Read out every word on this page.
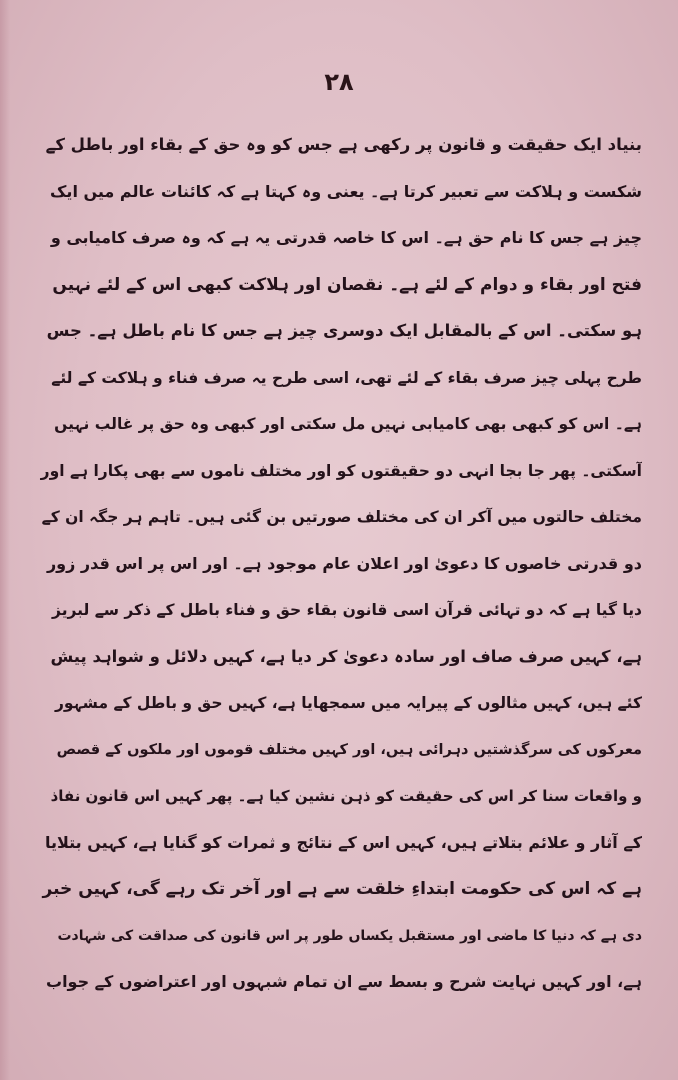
۲۸
بنیاد ایک حقیقت و قانون پر رکھی ہے جس کو وہ حق کے بقاء اور باطل کے
شکست و ہلاکت سے تعبیر کرتا ہے۔ یعنی وہ کہتا ہے کہ کائنات عالم میں ایک
چیز ہے جس کا نام حق ہے۔ اس کا خاصہ قدرتی یہ ہے کہ وہ صرف کامیابی و
فتح اور بقاء و دوام کے لئے ہے۔ نقصان اور ہلاکت کبھی اس کے لئے نہیں
ہو سکتی۔ اس کے بالمقابل ایک دوسری چیز ہے جس کا نام باطل ہے۔ جس
طرح پہلی چیز صرف بقاء کے لئے تھی، اسی طرح یہ صرف فناء و ہلاکت کے لئے
ہے۔ اس کو کبھی بھی کامیابی نہیں مل سکتی اور کبھی وہ حق پر غالب نہیں
آسکتی۔ پھر جا بجا انہی دو حقیقتوں کو اور مختلف ناموں سے بھی پکارا ہے اور
مختلف حالتوں میں آکر ان کی مختلف صورتیں بن گئی ہیں۔ تاہم ہر جگہ ان کے
دو قدرتی خاصوں کا دعویٰ اور اعلان عام موجود ہے۔ اور اس پر اس قدر زور
دیا گیا ہے کہ دو تہائی قرآن اسی قانون بقاء حق و فناء باطل کے ذکر سے لبریز
ہے، کہیں صرف صاف اور سادہ دعویٰ کر دیا ہے، کہیں دلائل و شواہد پیش
کئے ہیں، کہیں مثالوں کے پیرایہ میں سمجھایا ہے، کہیں حق و باطل کے مشہور
معرکوں کی سرگذشتیں دہرائی ہیں، اور کہیں مختلف قوموں اور ملکوں کے قصص
و واقعات سنا کر اس کی حقیقت کو ذہن نشین کیا ہے۔ پھر کہیں اس قانون نفاذ
کے آثار و علائم بتلاتے ہیں، کہیں اس کے نتائج و ثمرات کو گنایا ہے، کہیں بتلایا
ہے کہ اس کی حکومت ابتداءِ خلقت سے ہے اور آخر تک رہے گی، کہیں خبر
دی ہے کہ دنیا کا ماضی اور مستقبل یکساں طور پر اس قانون کی صداقت کی شہادت
ہے، اور کہیں نہایت شرح و بسط سے ان تمام شبہوں اور اعتراضوں کے جواب
